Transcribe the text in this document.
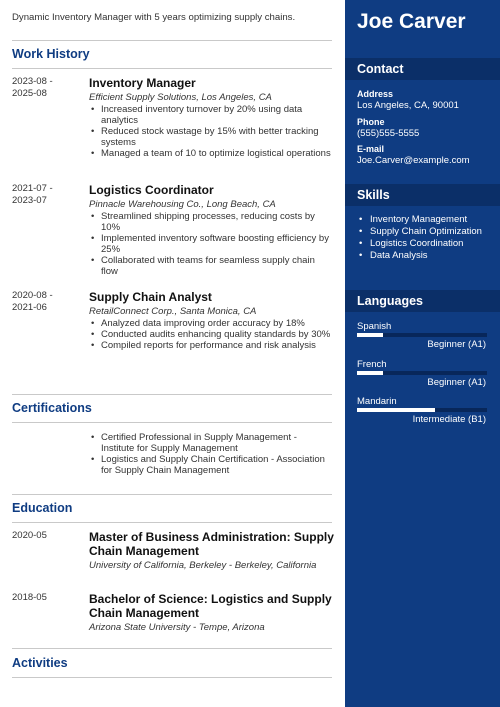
Dynamic Inventory Manager with 5 years optimizing supply chains.
Work History
2023-08 -
2025-08
Inventory Manager
Efficient Supply Solutions, Los Angeles, CA
• Increased inventory turnover by 20% using data analytics
• Reduced stock wastage by 15% with better tracking systems
• Managed a team of 10 to optimize logistical operations
2021-07 -
2023-07
Logistics Coordinator
Pinnacle Warehousing Co., Long Beach, CA
• Streamlined shipping processes, reducing costs by 10%
• Implemented inventory software boosting efficiency by 25%
• Collaborated with teams for seamless supply chain flow
2020-08 -
2021-06
Supply Chain Analyst
RetailConnect Corp., Santa Monica, CA
• Analyzed data improving order accuracy by 18%
• Conducted audits enhancing quality standards by 30%
• Compiled reports for performance and risk analysis
Certifications
• Certified Professional in Supply Management - Institute for Supply Management
• Logistics and Supply Chain Certification - Association for Supply Chain Management
Education
2020-05	Master of Business Administration: Supply Chain Management
University of California, Berkeley - Berkeley, California
2018-05	Bachelor of Science: Logistics and Supply Chain Management
Arizona State University - Tempe, Arizona
Activities
Joe Carver
Contact
Address
Los Angeles, CA, 90001
Phone
(555)555-5555
E-mail
Joe.Carver@example.com
Skills
• Inventory Management
• Supply Chain Optimization
• Logistics Coordination
• Data Analysis
Languages
Spanish
Beginner (A1)
French
Beginner (A1)
Mandarin
Intermediate (B1)
